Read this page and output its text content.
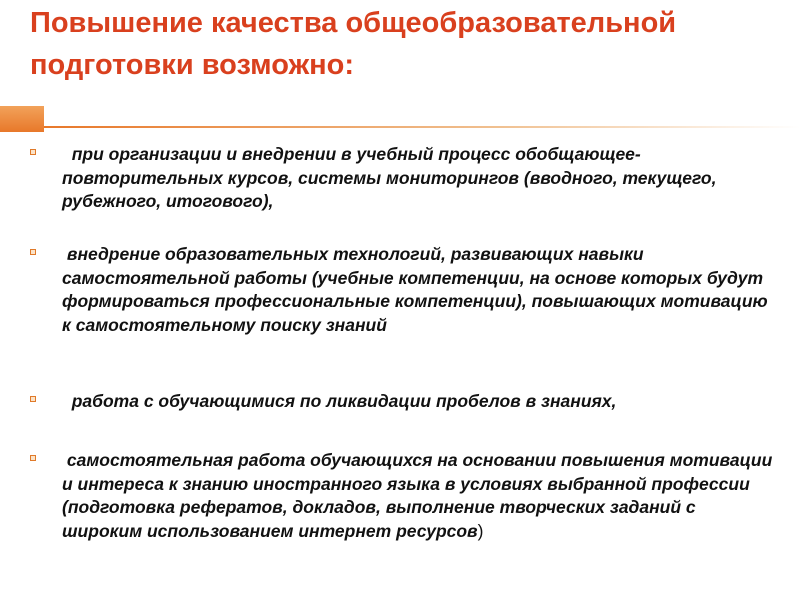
Повышение качества общеобразовательной подготовки возможно:
при организации и внедрении в учебный процесс обобщающее-повторительных курсов, системы мониторингов (вводного, текущего, рубежного, итогового),
внедрение образовательных технологий, развивающих навыки самостоятельной работы (учебные компетенции, на основе которых будут формироваться профессиональные компетенции), повышающих мотивацию к самостоятельному поиску знаний
работа с обучающимися по ликвидации пробелов в знаниях,
самостоятельная работа обучающихся на основании повышения мотивации и интереса к знанию иностранного языка в условиях выбранной профессии (подготовка рефератов, докладов, выполнение творческих заданий с широким использованием интернет ресурсов)
